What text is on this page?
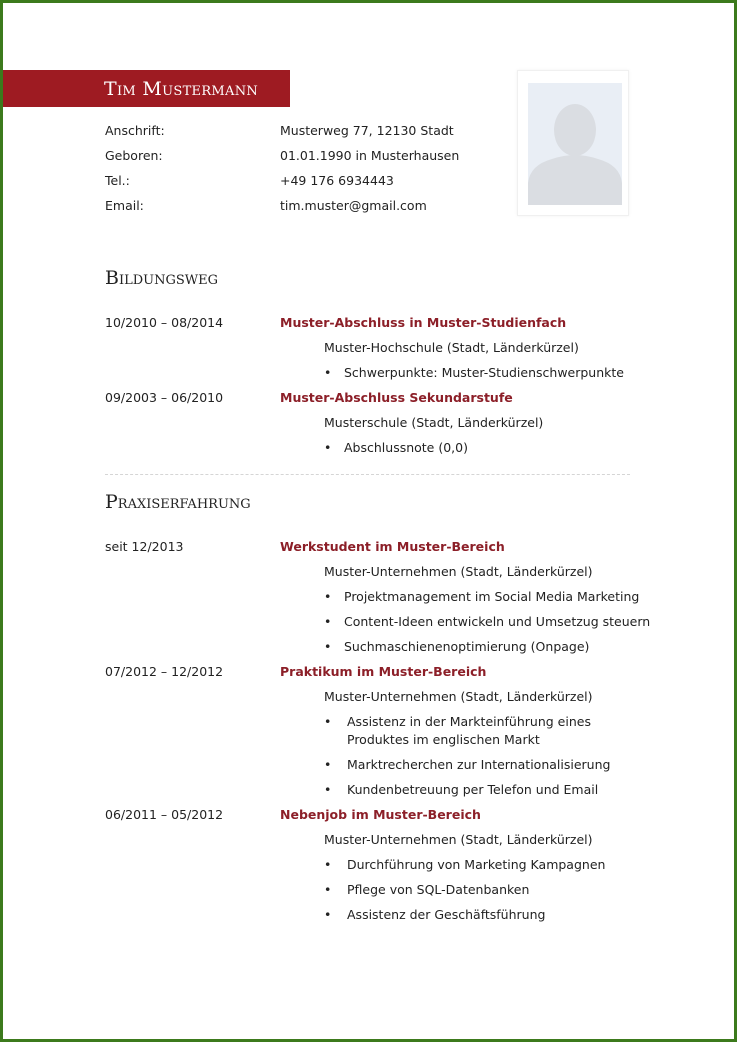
Tim Mustermann
Anschrift:	Musterweg 77, 12130 Stadt
Geboren:	01.01.1990 in Musterhausen
Tel.:	+49 176 6934443
Email:	tim.muster@gmail.com
Bildungsweg
10/2010 – 08/2014	Muster-Abschluss in Muster-Studienfach
Muster-Hochschule (Stadt, Länderkürzel)
• Schwerpunkte: Muster-Studienschwerpunkte
09/2003 – 06/2010	Muster-Abschluss Sekundarstufe
Musterschule (Stadt, Länderkürzel)
• Abschlussnote (0,0)
Praxiserfahrung
seit 12/2013	Werkstudent im Muster-Bereich
Muster-Unternehmen (Stadt, Länderkürzel)
• Projektmanagement im Social Media Marketing
• Content-Ideen entwickeln und Umsetzug steuern
• Suchmaschienenoptimierung (Onpage)
07/2012 – 12/2012	Praktikum im Muster-Bereich
Muster-Unternehmen (Stadt, Länderkürzel)
• Assistenz in der Markteinführung eines
Produktes im englischen Markt
• Marktrecherchen zur Internationalisierung
• Kundenbetreuung per Telefon und Email
06/2011 – 05/2012	Nebenjob im Muster-Bereich
Muster-Unternehmen (Stadt, Länderkürzel)
• Durchführung von Marketing Kampagnen
• Pflege von SQL-Datenbanken
• Assistenz der Geschäftsführung
